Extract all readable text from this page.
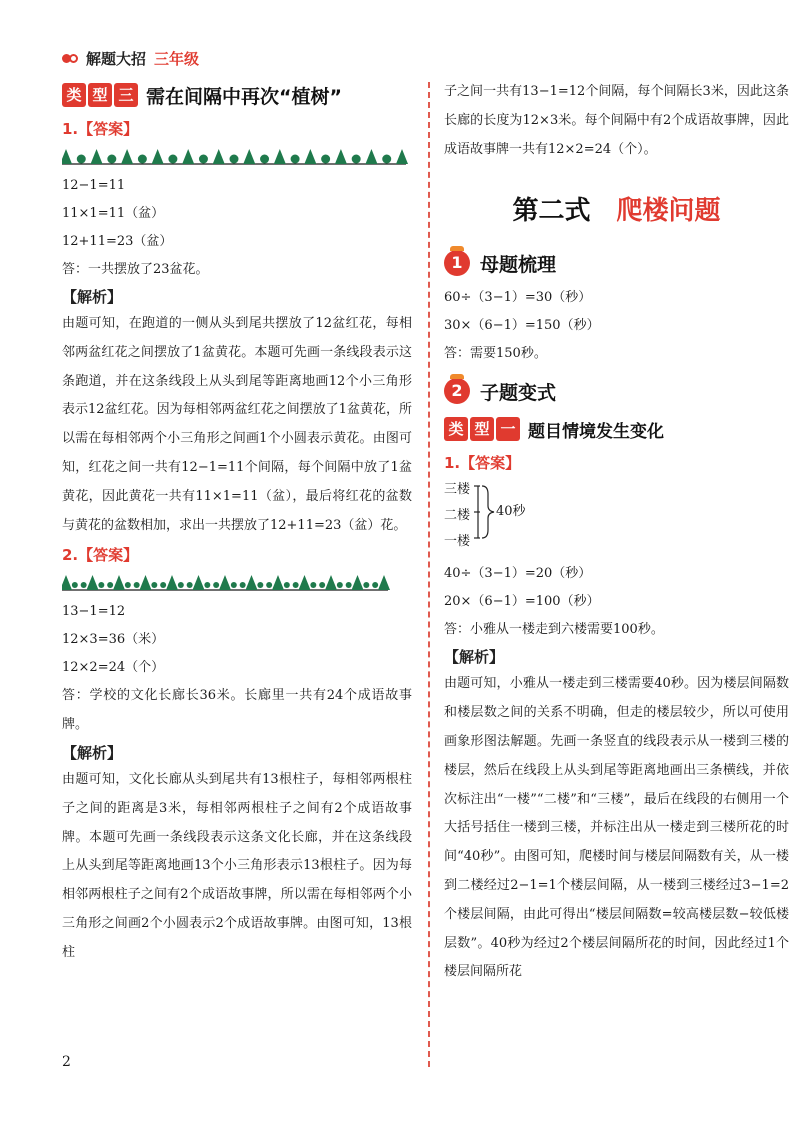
解题大招 三年级
类 型 三 需在间隔中再次“植树”
1.【答案】
12−1=11
11×1=11（盆）
12+11=23（盆）
答：一共摆放了23盆花。
【解析】

由题可知，在跑道的一侧从头到尾共摆放了12盆红花，每相邻两盆红花之间摆放了1盆黄花。本题可先画一条线段表示这条跑道，并在这条线段上从头到尾等距离地画12个小三角形表示12盆红花。因为每相邻两盆红花之间摆放了1盆黄花，所以需在每相邻两个小三角形之间画1个小圆表示黄花。由图可知，红花之间一共有12−1=11个间隔，每个间隔中放了1盆黄花，因此黄花一共有11×1=11（盆），最后将红花的盆数与黄花的盆数相加，求出一共摆放了12+11=23（盆）花。

2.【答案】
13−1=12
12×3=36（米）
12×2=24（个）

答：学校的文化长廊长36米。长廊里一共有24个成语故事牌。

【解析】

由题可知，文化长廊从头到尾共有13根柱子，每相邻两根柱子之间的距离是3米，每相邻两根柱子之间有2个成语故事牌。本题可先画一条线段表示这条文化长廊，并在这条线段上从头到尾等距离地画13个小三角形表示13根柱子。因为每相邻两根柱子之间有2个成语故事牌，所以需在每相邻两个小三角形之间画2个小圆表示2个成语故事牌。由图可知，13根柱

子之间一共有13−1=12个间隔，每个间隔长3米，因此这条长廊的长度为12×3米。每个间隔中有2个成语故事牌，因此成语故事牌一共有12×2=24（个）。

第二式 爬楼问题
1 母题梳理
60÷（3−1）=30（秒）
30×（6−1）=150（秒）
答：需要150秒。
2 子题变式
类 型 一 题目情境发生变化
1.【答案】
三楼
二楼
一楼
40秒
40÷（3−1）=20（秒）
20×（6−1）=100（秒）
答：小雅从一楼走到六楼需要100秒。
【解析】

由题可知，小雅从一楼走到三楼需要40秒。因为楼层间隔数和楼层数之间的关系不明确，但走的楼层较少，所以可使用画象形图法解题。先画一条竖直的线段表示从一楼到三楼的楼层，然后在线段上从头到尾等距离地画出三条横线，并依次标注出“一楼”“二楼”和“三楼”，最后在线段的右侧用一个大括号括住一楼到三楼，并标注出从一楼走到三楼所花的时间“40秒”。由图可知，爬楼时间与楼层间隔数有关，从一楼到二楼经过2−1=1个楼层间隔，从一楼到三楼经过3−1=2个楼层间隔，由此可得出“楼层间隔数=较高楼层数−较低楼层数”。40秒为经过2个楼层间隔所花的时间，因此经过1个楼层间隔所花

2
